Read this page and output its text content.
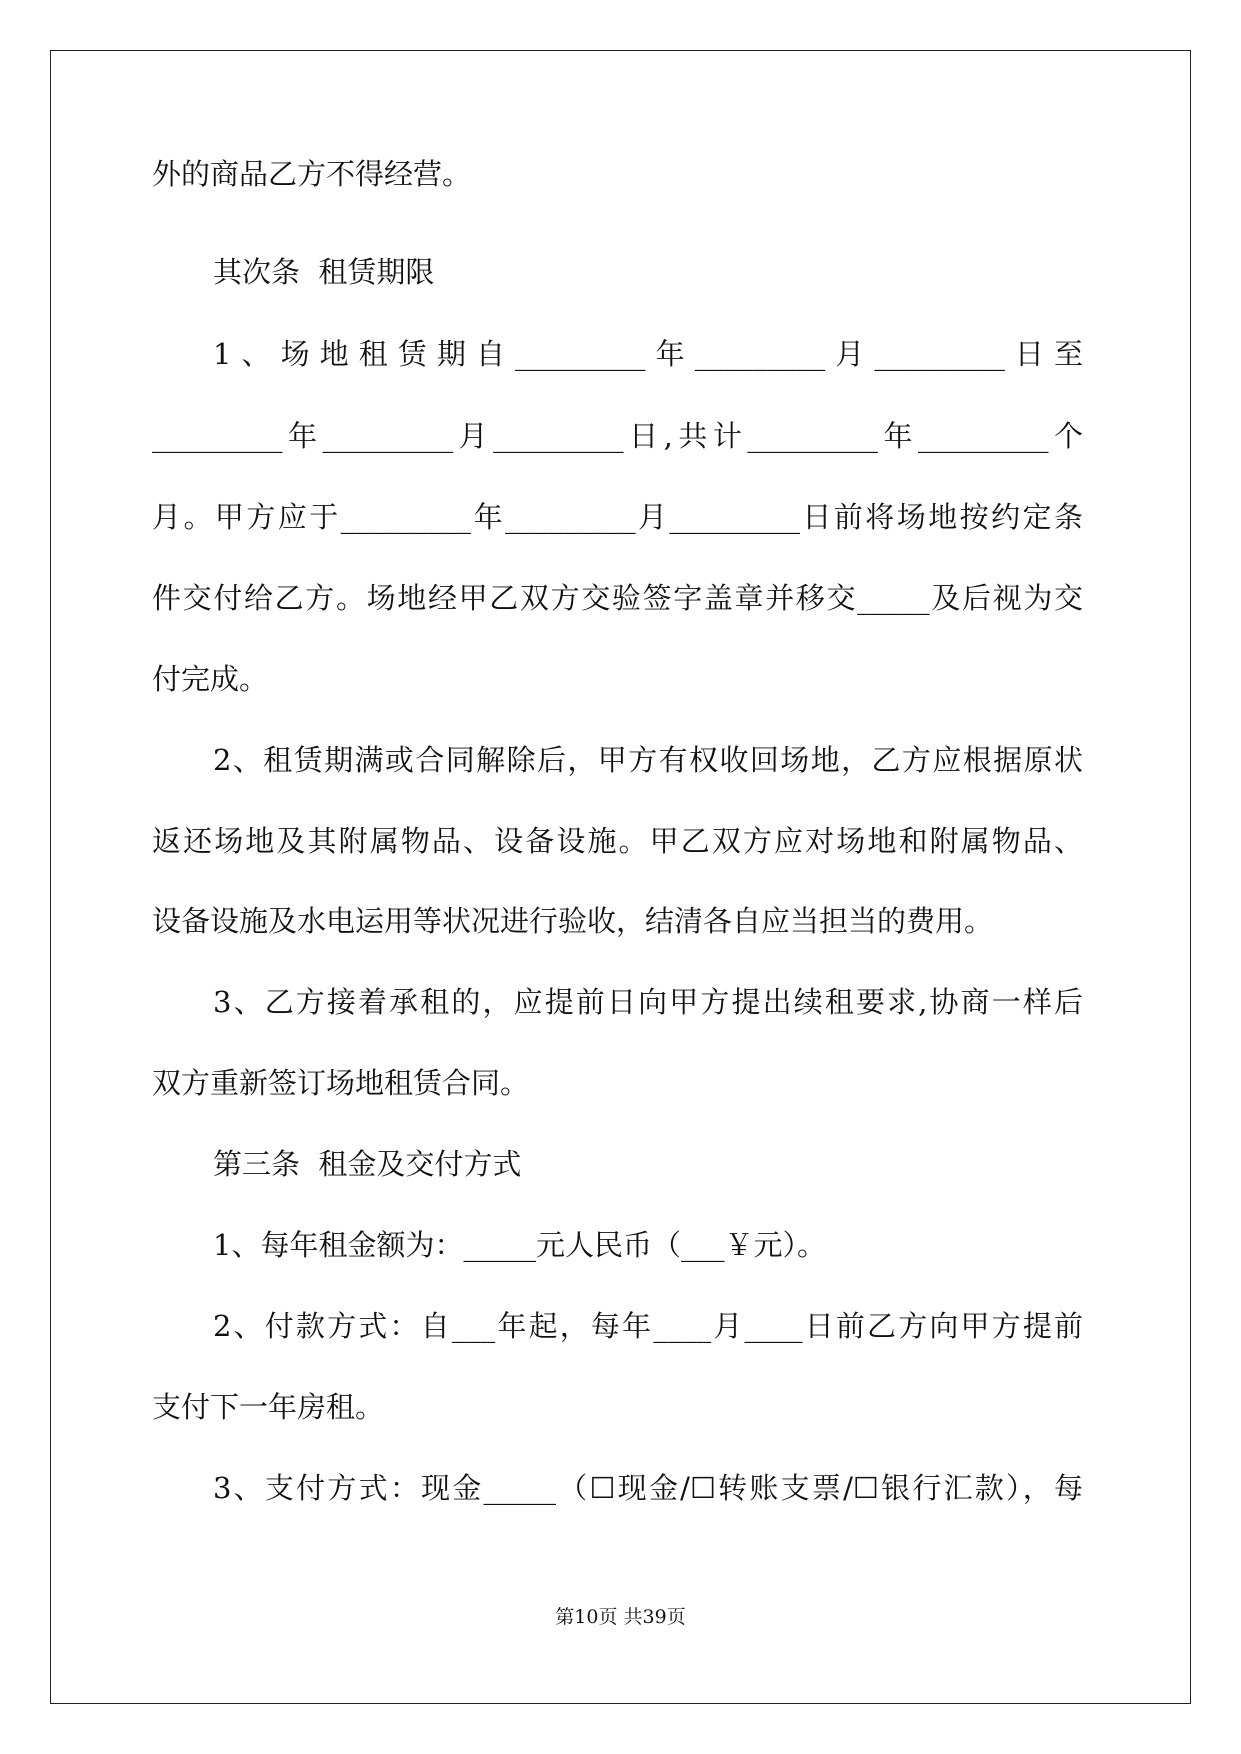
外的商品乙方不得经营。
其次条  租赁期限
1、场地租赁期自_________年_________月_________日至
_________年_________月_________日,共计_________年_________个
月。甲方应于_________年_________月_________日前将场地按约定条
件交付给乙方。场地经甲乙双方交验签字盖章并移交_____及后视为交
付完成。
2、租赁期满或合同解除后，甲方有权收回场地，乙方应根据原状
返还场地及其附属物品、设备设施。甲乙双方应对场地和附属物品、
设备设施及水电运用等状况进行验收，结清各自应当担当的费用。
3、乙方接着承租的，应提前日向甲方提出续租要求,协商一样后
双方重新签订场地租赁合同。
第三条  租金及交付方式
1、每年租金额为：_____元人民币（___￥元）。
2、付款方式：自___年起，每年____月____日前乙方向甲方提前
支付下一年房租。
3、支付方式：现金_____（☐现金/☐转账支票/☐银行汇款），每
第10页 共39页
